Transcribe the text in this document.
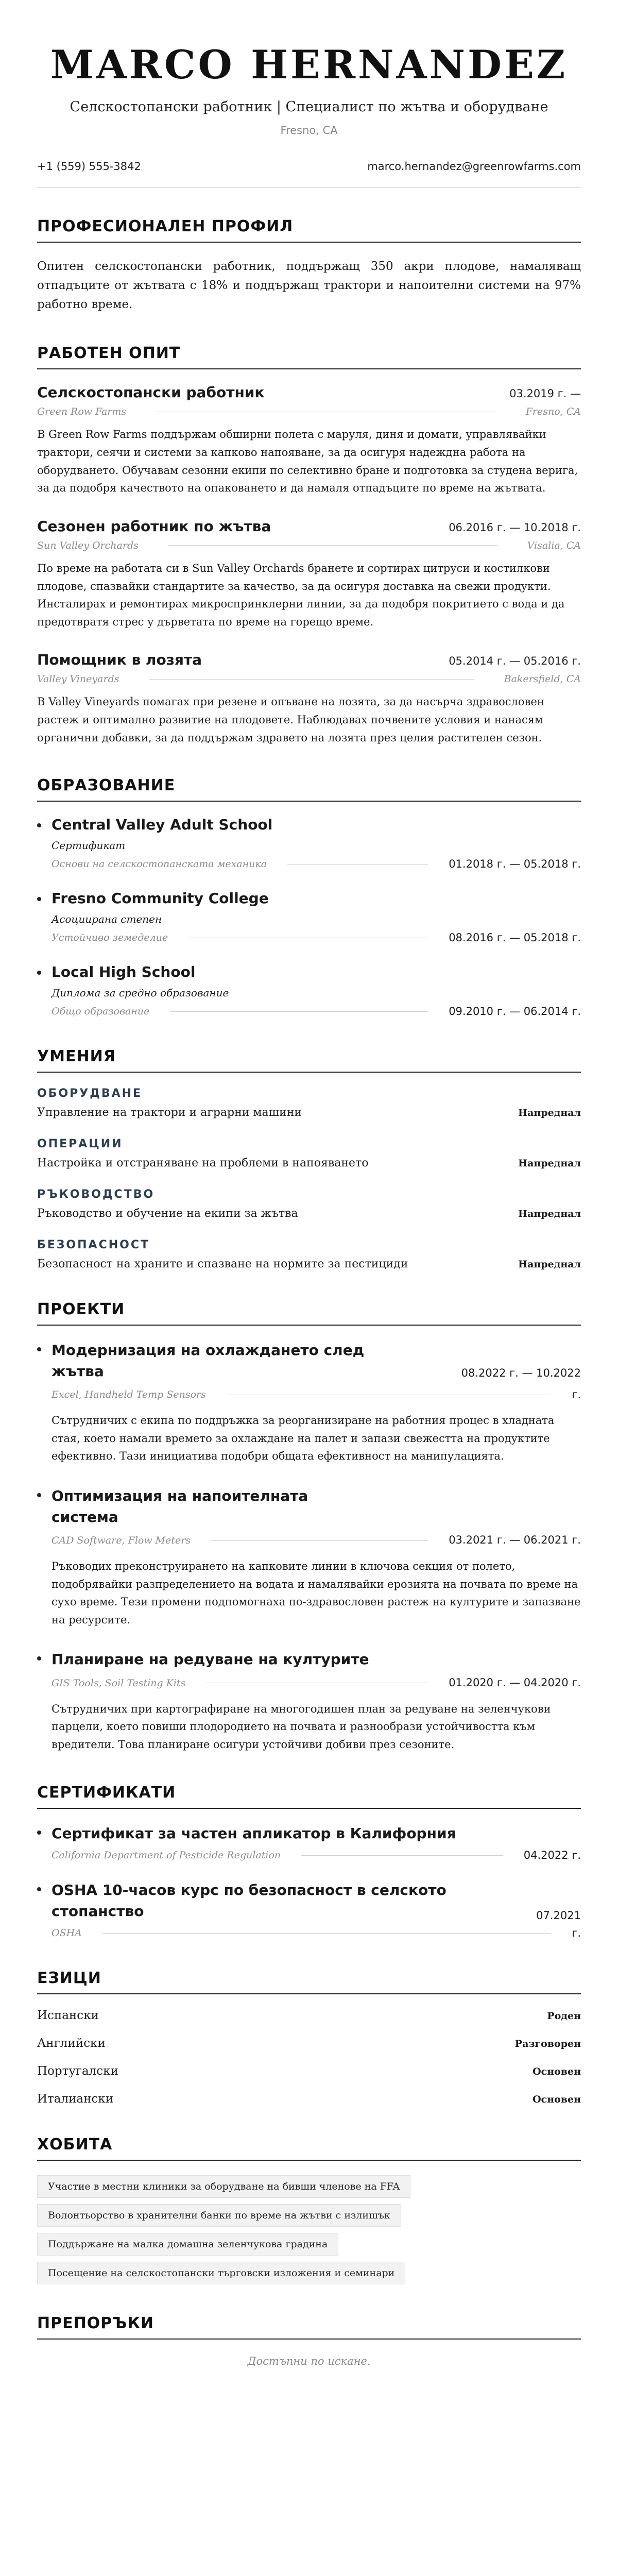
MARCO HERNANDEZ
Селскостопански работник | Специалист по жътва и оборудване
Fresno, CA
+1 (559) 555-3842	marco.hernandez@greenrowfarms.com
ПРОФЕСИОНАЛЕН ПРОФИЛ
Опитен селскостопански работник, поддържащ 350 акри плодове, намаляващ отпадъците от жътвата с 18% и поддържащ трактори и напоителни системи на 97% работно време.
РАБОТЕН ОПИТ
Селскостопански работник	03.2019 г. —
Green Row Farms	Fresno, CA
В Green Row Farms поддържам обширни полета с маруля, диня и домати, управлявайки трактори, сеячи и системи за капково напояване, за да осигуря надеждна работа на оборудването. Обучавам сезонни екипи по селективно бране и подготовка за студена верига, за да подобря качеството на опаковането и да намаля отпадъците по време на жътвата.
Сезонен работник по жътва	06.2016 г. — 10.2018 г.
Sun Valley Orchards	Visalia, CA
По време на работата си в Sun Valley Orchards бранете и сортирах цитруси и костилкови плодове, спазвайки стандартите за качество, за да осигуря доставка на свежи продукти. Инсталирах и ремонтирах микроспринклерни линии, за да подобря покритието с вода и да предотвратя стрес у дърветата по време на горещо време.
Помощник в лозята	05.2014 г. — 05.2016 г.
Valley Vineyards	Bakersfield, CA
В Valley Vineyards помагах при резене и опъване на лозята, за да насърча здравословен растеж и оптимално развитие на плодовете. Наблюдавах почвените условия и нанасям органични добавки, за да поддържам здравето на лозята през целия растителен сезон.
ОБРАЗОВАНИЕ
Central Valley Adult School
Сертификат
Основи на селскостопанската механика	01.2018 г. — 05.2018 г.
Fresno Community College
Асоциирана степен
Устойчиво земеделие	08.2016 г. — 05.2018 г.
Local High School
Диплома за средно образование
Общо образование	09.2010 г. — 06.2014 г.
УМЕНИЯ
ОБОРУДВАНЕ
Управление на трактори и аграрни машини	Напреднал
ОПЕРАЦИИ
Настройка и отстраняване на проблеми в напояването	Напреднал
РЪКОВОДСТВО
Ръководство и обучение на екипи за жътва	Напреднал
БЕЗОПАСНОСТ
Безопасност на храните и спазване на нормите за пестициди	Напреднал
ПРОЕКТИ
Модернизация на охлаждането след жътва	08.2022 г. — 10.2022
Excel, Handheld Temp Sensors	г.
Сътрудничих с екипа по поддръжка за реорганизиране на работния процес в хладната стая, което намали времето за охлаждане на палет и запази свежестта на продуктите ефективно. Тази инициатива подобри общата ефективност на манипулацията.
Оптимизация на напоителната система
CAD Software, Flow Meters	03.2021 г. — 06.2021 г.
Ръководих преконструирането на капковите линии в ключова секция от полето, подобрявайки разпределението на водата и намалявайки ерозията на почвата по време на сухо време. Тези промени подпомогнаха по-здравословен растеж на културите и запазване на ресурсите.
Планиране на редуване на културите
GIS Tools, Soil Testing Kits	01.2020 г. — 04.2020 г.
Сътрудничих при картографиране на многогодишен план за редуване на зеленчукови парцели, което повиши плодородието на почвата и разнообрази устойчивостта към вредители. Това планиране осигури устойчиви добиви през сезоните.
СЕРТИФИКАТИ
Сертификат за частен апликатор в Калифорния
California Department of Pesticide Regulation	04.2022 г.
OSHA 10-часов курс по безопасност в селското стопанство	07.2021
OSHA	г.
ЕЗИЦИ
Испански	Роден
Английски	Разговорен
Португалски	Основен
Италиански	Основен
ХОБИТА
Участие в местни клиники за оборудване на бивши членове на FFA
Волонтьорство в хранителни банки по време на жътви с излишък
Поддържане на малка домашна зеленчукова градина
Посещение на селскостопански търговски изложения и семинари
ПРЕПОРЪКИ
Достъпни по искане.
